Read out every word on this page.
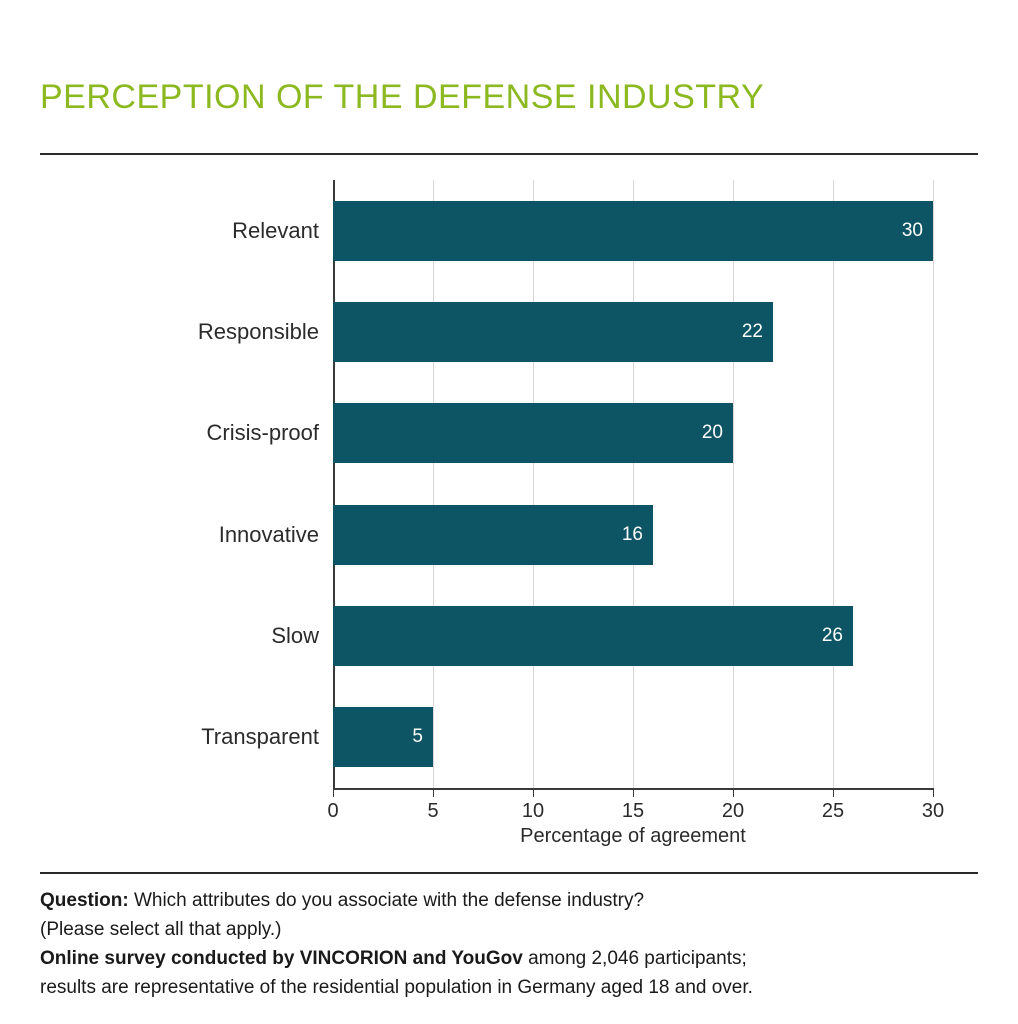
PERCEPTION OF THE DEFENSE INDUSTRY
0	5	10	15	20	25	30
Relevant	30
Responsible	22
Crisis-proof	20
Innovative	16
Slow	26
Transparent	5
Percentage of agreement
Question: Which attributes do you associate with the defense industry?
(Please select all that apply.)
Online survey conducted by VINCORION and YouGov among 2,046 participants;
results are representative of the residential population in Germany aged 18 and over.
